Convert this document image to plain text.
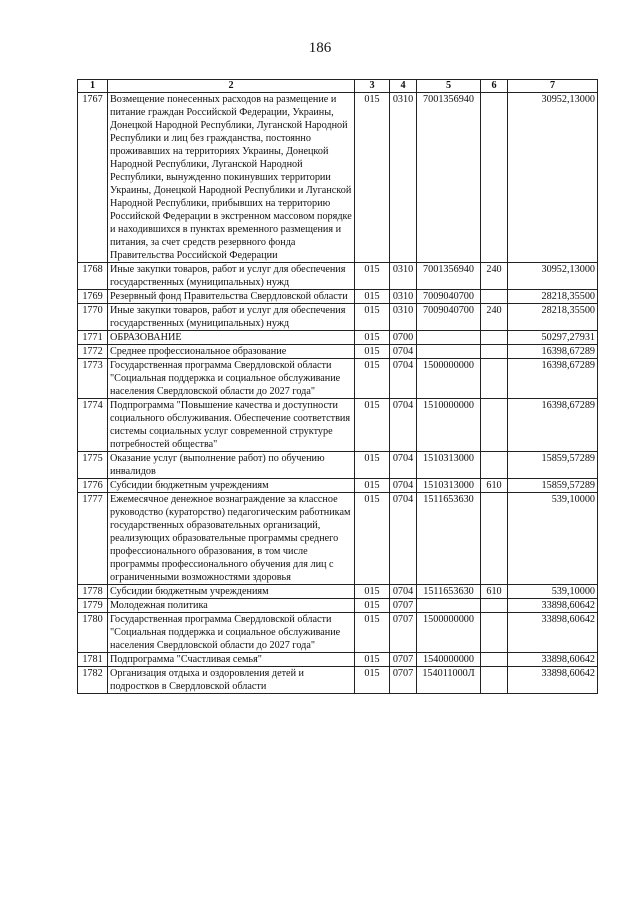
186
1	2	3	4	5	6	7
1767	Возмещение понесенных расходов на размещение и питание граждан Российской Федерации, Украины, Донецкой Народной Республики, Луганской Народной Республики и лиц без гражданства, постоянно проживавших на территориях Украины, Донецкой Народной Республики, Луганской Народной Республики, вынужденно покинувших территории Украины, Донецкой Народной Республики и Луганской Народной Республики, прибывших на территорию Российской Федерации в экстренном массовом порядке и находившихся в пунктах временного размещения и питания, за счет средств резервного фонда Правительства Российской Федерации	015	0310	7001356940		30952,13000
1768	Иные закупки товаров, работ и услуг для обеспечения государственных (муниципальных) нужд	015	0310	7001356940	240	30952,13000
1769	Резервный фонд Правительства Свердловской области	015	0310	7009040700		28218,35500
1770	Иные закупки товаров, работ и услуг для обеспечения государственных (муниципальных) нужд	015	0310	7009040700	240	28218,35500
1771	ОБРАЗОВАНИЕ	015	0700			50297,27931
1772	Среднее профессиональное образование	015	0704			16398,67289
1773	Государственная программа Свердловской области "Социальная поддержка и социальное обслуживание населения Свердловской области до 2027 года"	015	0704	1500000000		16398,67289
1774	Подпрограмма "Повышение качества и доступности социального обслуживания. Обеспечение соответствия системы социальных услуг современной структуре потребностей общества"	015	0704	1510000000		16398,67289
1775	Оказание услуг (выполнение работ) по обучению инвалидов	015	0704	1510313000		15859,57289
1776	Субсидии бюджетным учреждениям	015	0704	1510313000	610	15859,57289
1777	Ежемесячное денежное вознаграждение за классное руководство (кураторство) педагогическим работникам государственных образовательных организаций, реализующих образовательные программы среднего профессионального образования, в том числе программы профессионального обучения для лиц с ограниченными возможностями здоровья	015	0704	1511653630		539,10000
1778	Субсидии бюджетным учреждениям	015	0704	1511653630	610	539,10000
1779	Молодежная политика	015	0707			33898,60642
1780	Государственная программа Свердловской области "Социальная поддержка и социальное обслуживание населения Свердловской области до 2027 года"	015	0707	1500000000		33898,60642
1781	Подпрограмма "Счастливая семья"	015	0707	1540000000		33898,60642
1782	Организация отдыха и оздоровления детей и подростков в Свердловской области	015	0707	154011000Л		33898,60642
